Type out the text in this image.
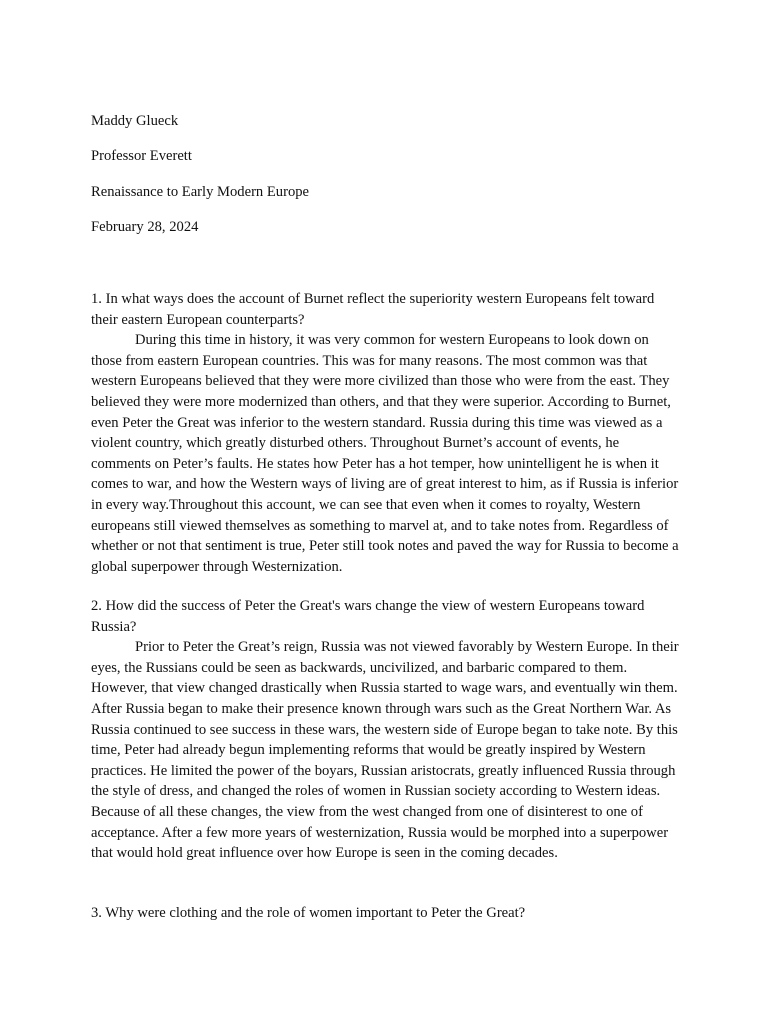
Maddy Glueck
Professor Everett
Renaissance to Early Modern Europe
February 28, 2024

1. In what ways does the account of Burnet reflect the superiority western Europeans felt toward their eastern European counterparts?

During this time in history, it was very common for western Europeans to look down on those from eastern European countries. This was for many reasons. The most common was that western Europeans believed that they were more civilized than those who were from the east. They believed they were more modernized than others, and that they were superior. According to Burnet, even Peter the Great was inferior to the western standard. Russia during this time was viewed as a violent country, which greatly disturbed others. Throughout Burnet’s account of events, he comments on Peter’s faults. He states how Peter has a hot temper, how unintelligent he is when it comes to war, and how the Western ways of living are of great interest to him, as if Russia is inferior in every way.Throughout this account, we can see that even when it comes to royalty, Western europeans still viewed themselves as something to marvel at, and to take notes from. Regardless of whether or not that sentiment is true, Peter still took notes and paved the way for Russia to become a global superpower through Westernization.

2. How did the success of Peter the Great's wars change the view of western Europeans toward Russia?

Prior to Peter the Great’s reign, Russia was not viewed favorably by Western Europe. In their eyes, the Russians could be seen as backwards, uncivilized, and barbaric compared to them. However, that view changed drastically when Russia started to wage wars, and eventually win them. After Russia began to make their presence known through wars such as the Great Northern War. As Russia continued to see success in these wars, the western side of Europe began to take note. By this time, Peter had already begun implementing reforms that would be greatly inspired by Western practices. He limited the power of the boyars, Russian aristocrats, greatly influenced Russia through the style of dress, and changed the roles of women in Russian society according to Western ideas. Because of all these changes, the view from the west changed from one of disinterest to one of acceptance. After a few more years of westernization, Russia would be morphed into a superpower that would hold great influence over how Europe is seen in the coming decades.

3. Why were clothing and the role of women important to Peter the Great?
